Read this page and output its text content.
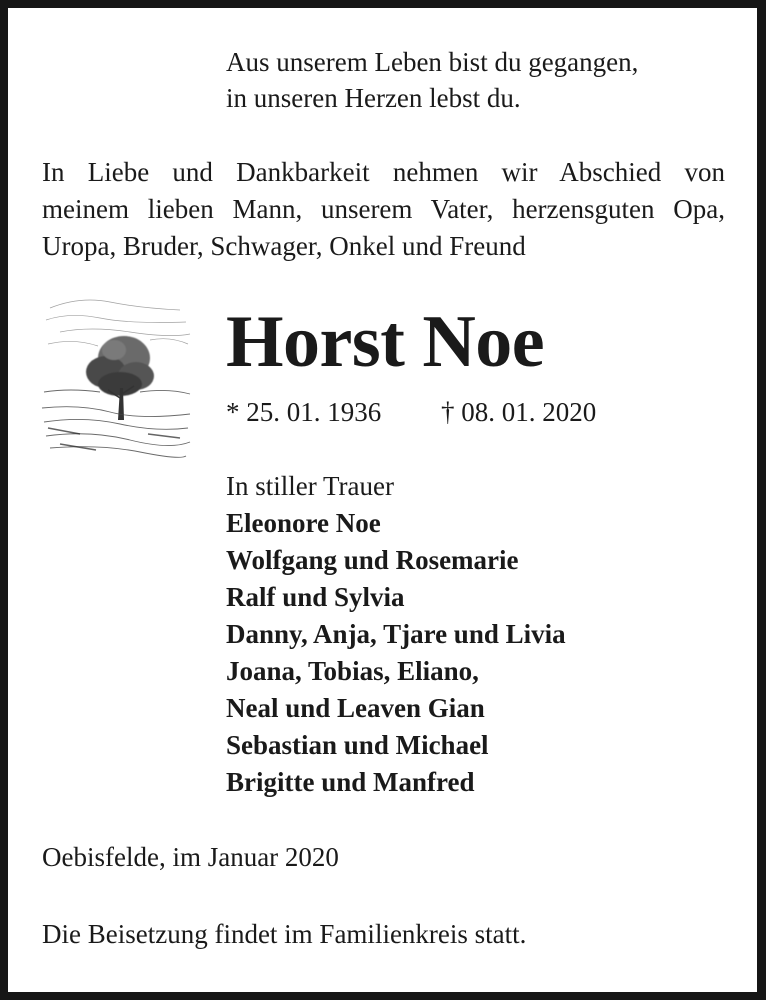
Aus unserem Leben bist du gegangen,
in unseren Herzen lebst du.
In Liebe und Dankbarkeit nehmen wir Abschied von
meinem lieben Mann, unserem Vater, herzensguten Opa,
Uropa, Bruder, Schwager, Onkel und Freund
Horst Noe
* 25. 01. 1936 † 08. 01. 2020
In stiller Trauer
Eleonore Noe
Wolfgang und Rosemarie
Ralf und Sylvia
Danny, Anja, Tjare und Livia
Joana, Tobias, Eliano,
Neal und Leaven Gian
Sebastian und Michael
Brigitte und Manfred
Oebisfelde, im Januar 2020
Die Beisetzung findet im Familienkreis statt.
